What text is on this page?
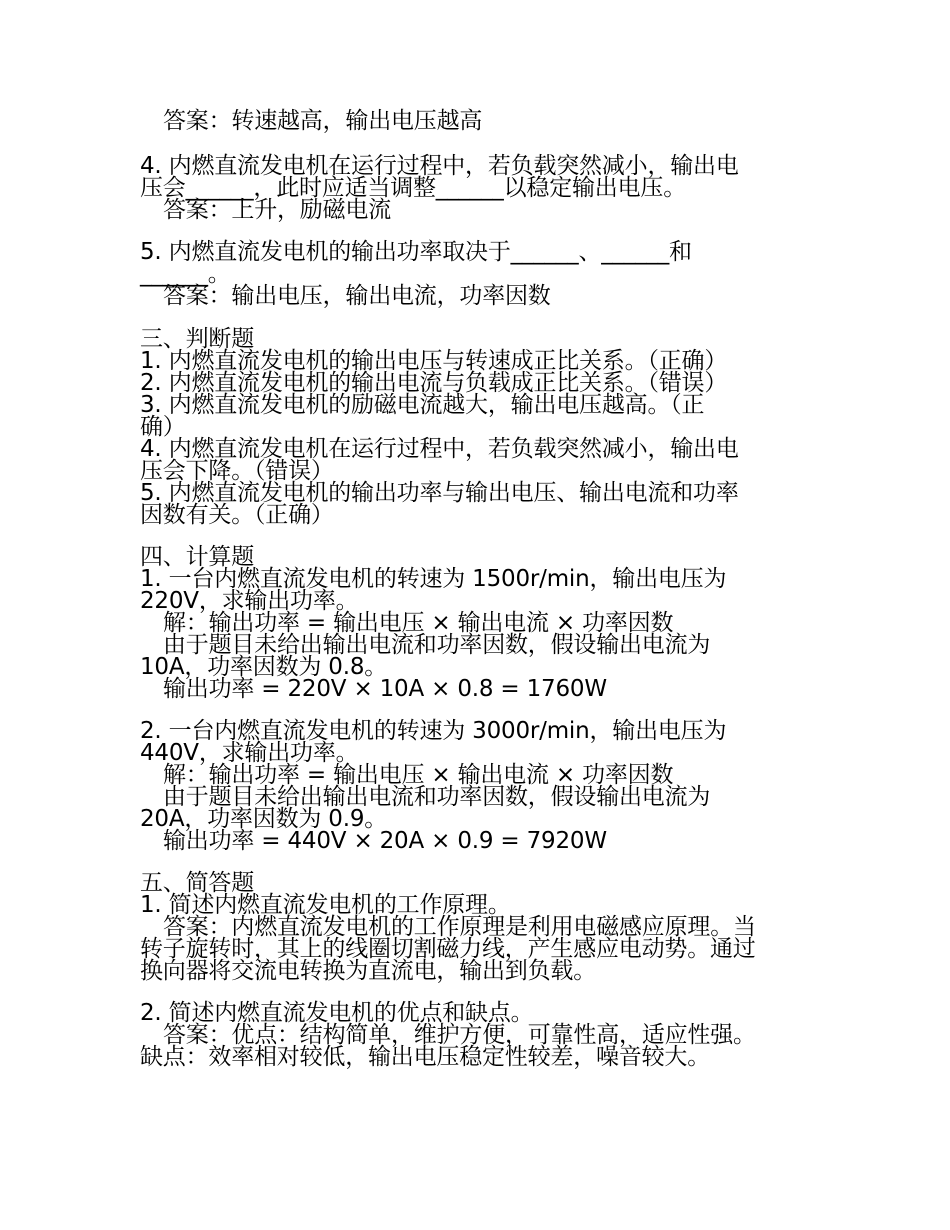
答案：转速越高，输出电压越高
4. 内燃直流发电机在运行过程中，若负载突然减小，输出电
压会______，此时应适当调整______以稳定输出电压。
答案：上升，励磁电流
5. 内燃直流发电机的输出功率取决于______、______和
______。
答案：输出电压，输出电流，功率因数
三、判断题
1. 内燃直流发电机的输出电压与转速成正比关系。（正确）
2. 内燃直流发电机的输出电流与负载成正比关系。（错误）
3. 内燃直流发电机的励磁电流越大，输出电压越高。（正
确）
4. 内燃直流发电机在运行过程中，若负载突然减小，输出电
压会下降。（错误）
5. 内燃直流发电机的输出功率与输出电压、输出电流和功率
因数有关。（正确）
四、计算题
1. 一台内燃直流发电机的转速为 1500r/min，输出电压为
220V，求输出功率。
解：输出功率 = 输出电压 × 输出电流 × 功率因数
由于题目未给出输出电流和功率因数，假设输出电流为
10A，功率因数为 0.8。
输出功率 = 220V × 10A × 0.8 = 1760W
2. 一台内燃直流发电机的转速为 3000r/min，输出电压为
440V，求输出功率。
解：输出功率 = 输出电压 × 输出电流 × 功率因数
由于题目未给出输出电流和功率因数，假设输出电流为
20A，功率因数为 0.9。
输出功率 = 440V × 20A × 0.9 = 7920W
五、简答题
1. 简述内燃直流发电机的工作原理。
答案：内燃直流发电机的工作原理是利用电磁感应原理。当
转子旋转时，其上的线圈切割磁力线，产生感应电动势。通过
换向器将交流电转换为直流电，输出到负载。
2. 简述内燃直流发电机的优点和缺点。
答案：优点：结构简单，维护方便，可靠性高，适应性强。
缺点：效率相对较低，输出电压稳定性较差，噪音较大。
